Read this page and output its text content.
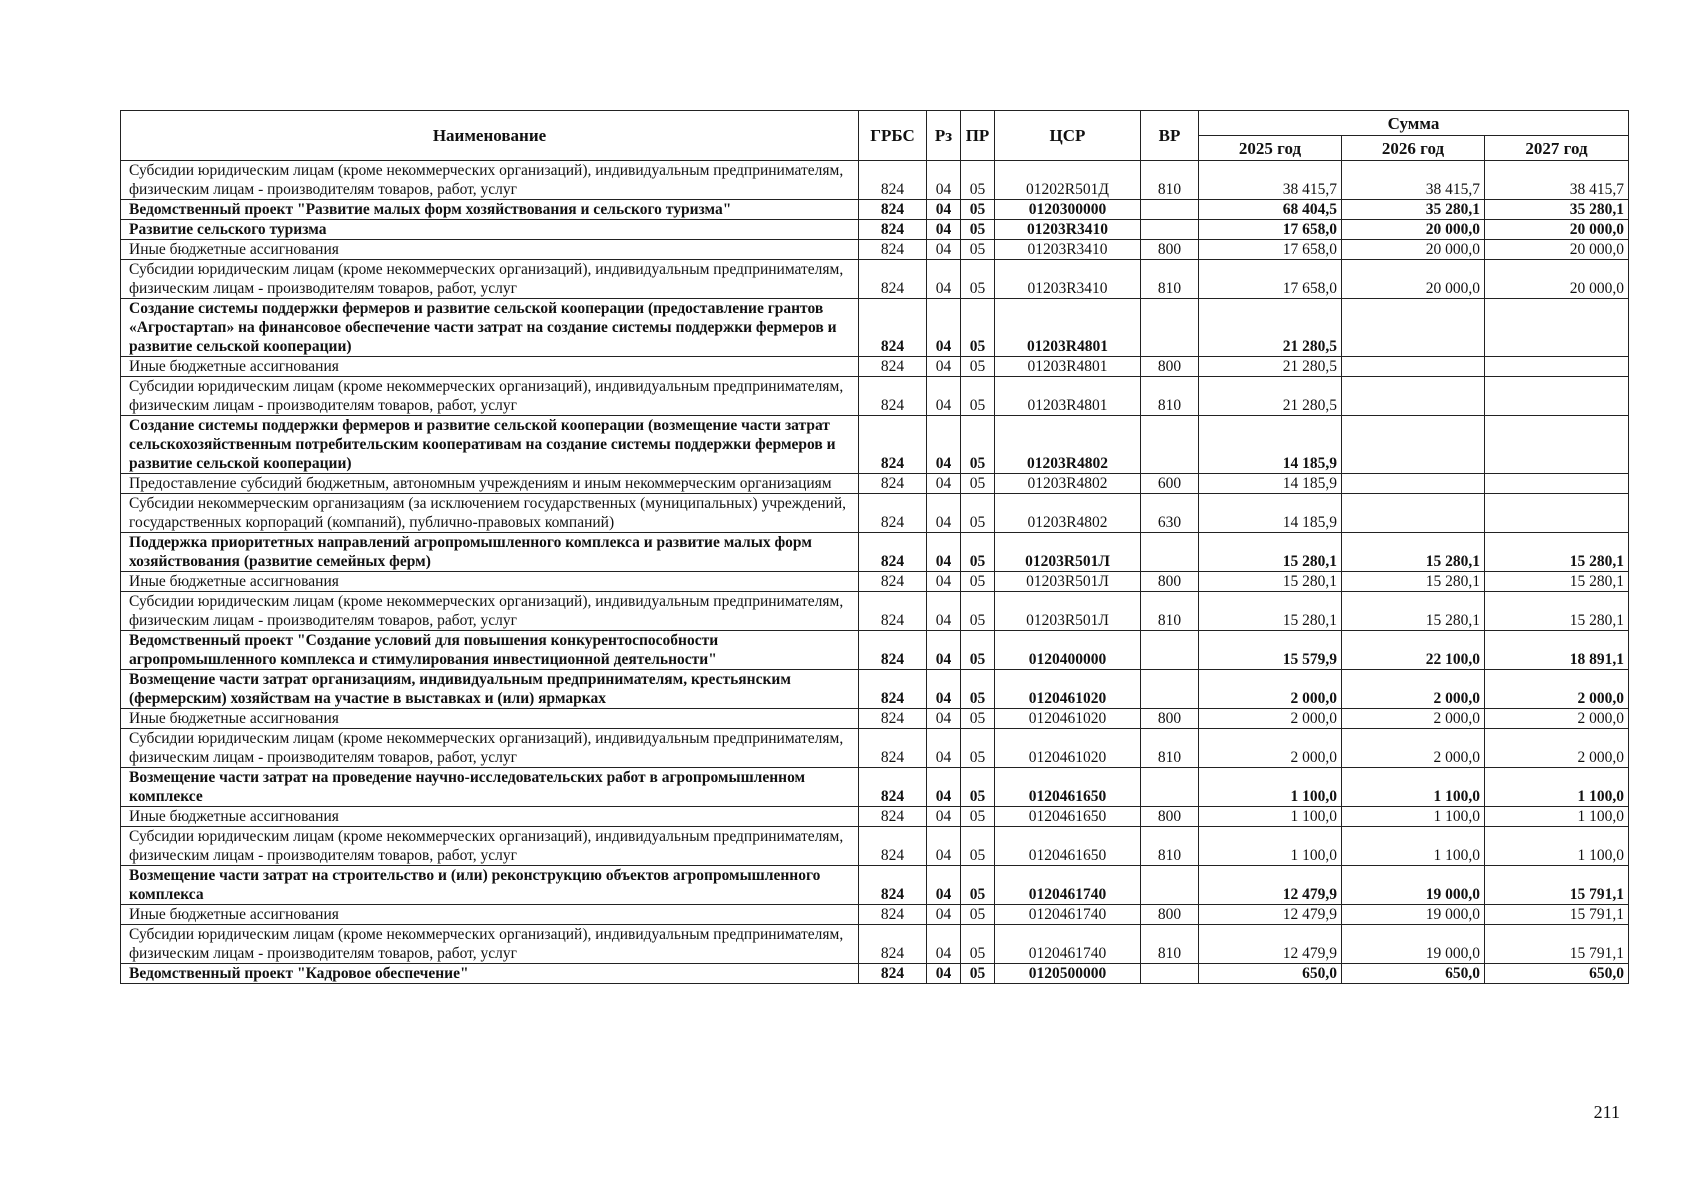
Наименование	ГРБС	Рз	ПР	ЦСР	ВР	Сумма		
						2025 год	2026 год	2027 год
Субсидии юридическим лицам (кроме некоммерческих организаций), индивидуальным предпринимателям, физическим лицам - производителям товаров, работ, услуг	824	04	05	01202R501Д	810	38 415,7	38 415,7	38 415,7
Ведомственный проект "Развитие малых форм хозяйствования и сельского туризма"	824	04	05	0120300000		68 404,5	35 280,1	35 280,1
Развитие сельского туризма	824	04	05	01203R3410		17 658,0	20 000,0	20 000,0
Иные бюджетные ассигнования	824	04	05	01203R3410	800	17 658,0	20 000,0	20 000,0
Субсидии юридическим лицам (кроме некоммерческих организаций), индивидуальным предпринимателям, физическим лицам - производителям товаров, работ, услуг	824	04	05	01203R3410	810	17 658,0	20 000,0	20 000,0
Создание системы поддержки фермеров и развитие сельской кооперации (предоставление грантов «Агростартап» на финансовое обеспечение части затрат на создание системы поддержки фермеров и развитие сельской кооперации)	824	04	05	01203R4801		21 280,5		
Иные бюджетные ассигнования	824	04	05	01203R4801	800	21 280,5		
Субсидии юридическим лицам (кроме некоммерческих организаций), индивидуальным предпринимателям, физическим лицам - производителям товаров, работ, услуг	824	04	05	01203R4801	810	21 280,5		
Создание системы поддержки фермеров и развитие сельской кооперации (возмещение части затрат сельскохозяйственным потребительским кооперативам на создание системы поддержки фермеров и развитие сельской кооперации)	824	04	05	01203R4802		14 185,9		
Предоставление субсидий бюджетным, автономным учреждениям и иным некоммерческим организациям	824	04	05	01203R4802	600	14 185,9		
Субсидии некоммерческим организациям (за исключением государственных (муниципальных) учреждений, государственных корпораций (компаний), публично-правовых компаний)	824	04	05	01203R4802	630	14 185,9		
Поддержка приоритетных направлений агропромышленного комплекса и развитие малых форм хозяйствования (развитие семейных ферм)	824	04	05	01203R501Л		15 280,1	15 280,1	15 280,1
Иные бюджетные ассигнования	824	04	05	01203R501Л	800	15 280,1	15 280,1	15 280,1
Субсидии юридическим лицам (кроме некоммерческих организаций), индивидуальным предпринимателям, физическим лицам - производителям товаров, работ, услуг	824	04	05	01203R501Л	810	15 280,1	15 280,1	15 280,1
Ведомственный проект "Создание условий для повышения конкурентоспособности агропромышленного комплекса и стимулирования инвестиционной деятельности"	824	04	05	0120400000		15 579,9	22 100,0	18 891,1
Возмещение части затрат организациям, индивидуальным предпринимателям, крестьянским (фермерским) хозяйствам на участие в выставках и (или) ярмарках	824	04	05	0120461020		2 000,0	2 000,0	2 000,0
Иные бюджетные ассигнования	824	04	05	0120461020	800	2 000,0	2 000,0	2 000,0
Субсидии юридическим лицам (кроме некоммерческих организаций), индивидуальным предпринимателям, физическим лицам - производителям товаров, работ, услуг	824	04	05	0120461020	810	2 000,0	2 000,0	2 000,0
Возмещение части затрат на проведение научно-исследовательских работ в агропромышленном комплексе	824	04	05	0120461650		1 100,0	1 100,0	1 100,0
Иные бюджетные ассигнования	824	04	05	0120461650	800	1 100,0	1 100,0	1 100,0
Субсидии юридическим лицам (кроме некоммерческих организаций), индивидуальным предпринимателям, физическим лицам - производителям товаров, работ, услуг	824	04	05	0120461650	810	1 100,0	1 100,0	1 100,0
Возмещение части затрат на строительство и (или) реконструкцию объектов агропромышленного комплекса	824	04	05	0120461740		12 479,9	19 000,0	15 791,1
Иные бюджетные ассигнования	824	04	05	0120461740	800	12 479,9	19 000,0	15 791,1
Субсидии юридическим лицам (кроме некоммерческих организаций), индивидуальным предпринимателям, физическим лицам - производителям товаров, работ, услуг	824	04	05	0120461740	810	12 479,9	19 000,0	15 791,1
Ведомственный проект "Кадровое обеспечение"	824	04	05	0120500000		650,0	650,0	650,0
211
